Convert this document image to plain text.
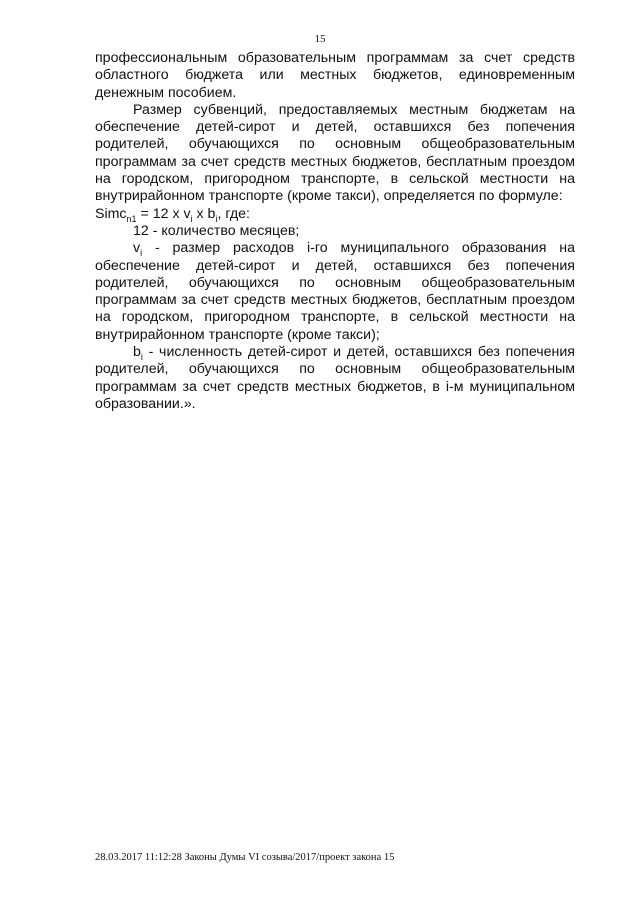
15

профессиональным образовательным программам за счет средств областного бюджета или местных бюджетов, единовременным денежным пособием.

Размер субвенций, предоставляемых местным бюджетам на обеспечение детей-сирот и детей, оставшихся без попечения родителей, обучающихся по основным общеобразовательным программам за счет средств местных бюджетов, бесплатным проездом на городском, пригородном транспорте, в сельской местности на внутрирайонном транспорте (кроме такси), определяется по формуле:

Simc$_{n1}$ = 12 x $v_i$ x $b_i$, где:

12 - количество месяцев;

$v_i$ - размер расходов i-го муниципального образования на обеспечение детей-сирот и детей, оставшихся без попечения родителей, обучающихся по основным общеобразовательным программам за счет средств местных бюджетов, бесплатным проездом на городском, пригородном транспорте, в сельской местности на внутрирайонном транспорте (кроме такси);

$b_i$ - численность детей-сирот и детей, оставшихся без попечения родителей, обучающихся по основным общеобразовательным программам за счет средств местных бюджетов, в i-м муниципальном образовании.».

28.03.2017 11:12:28 Законы Думы VI созыва/2017/проект закона 15
